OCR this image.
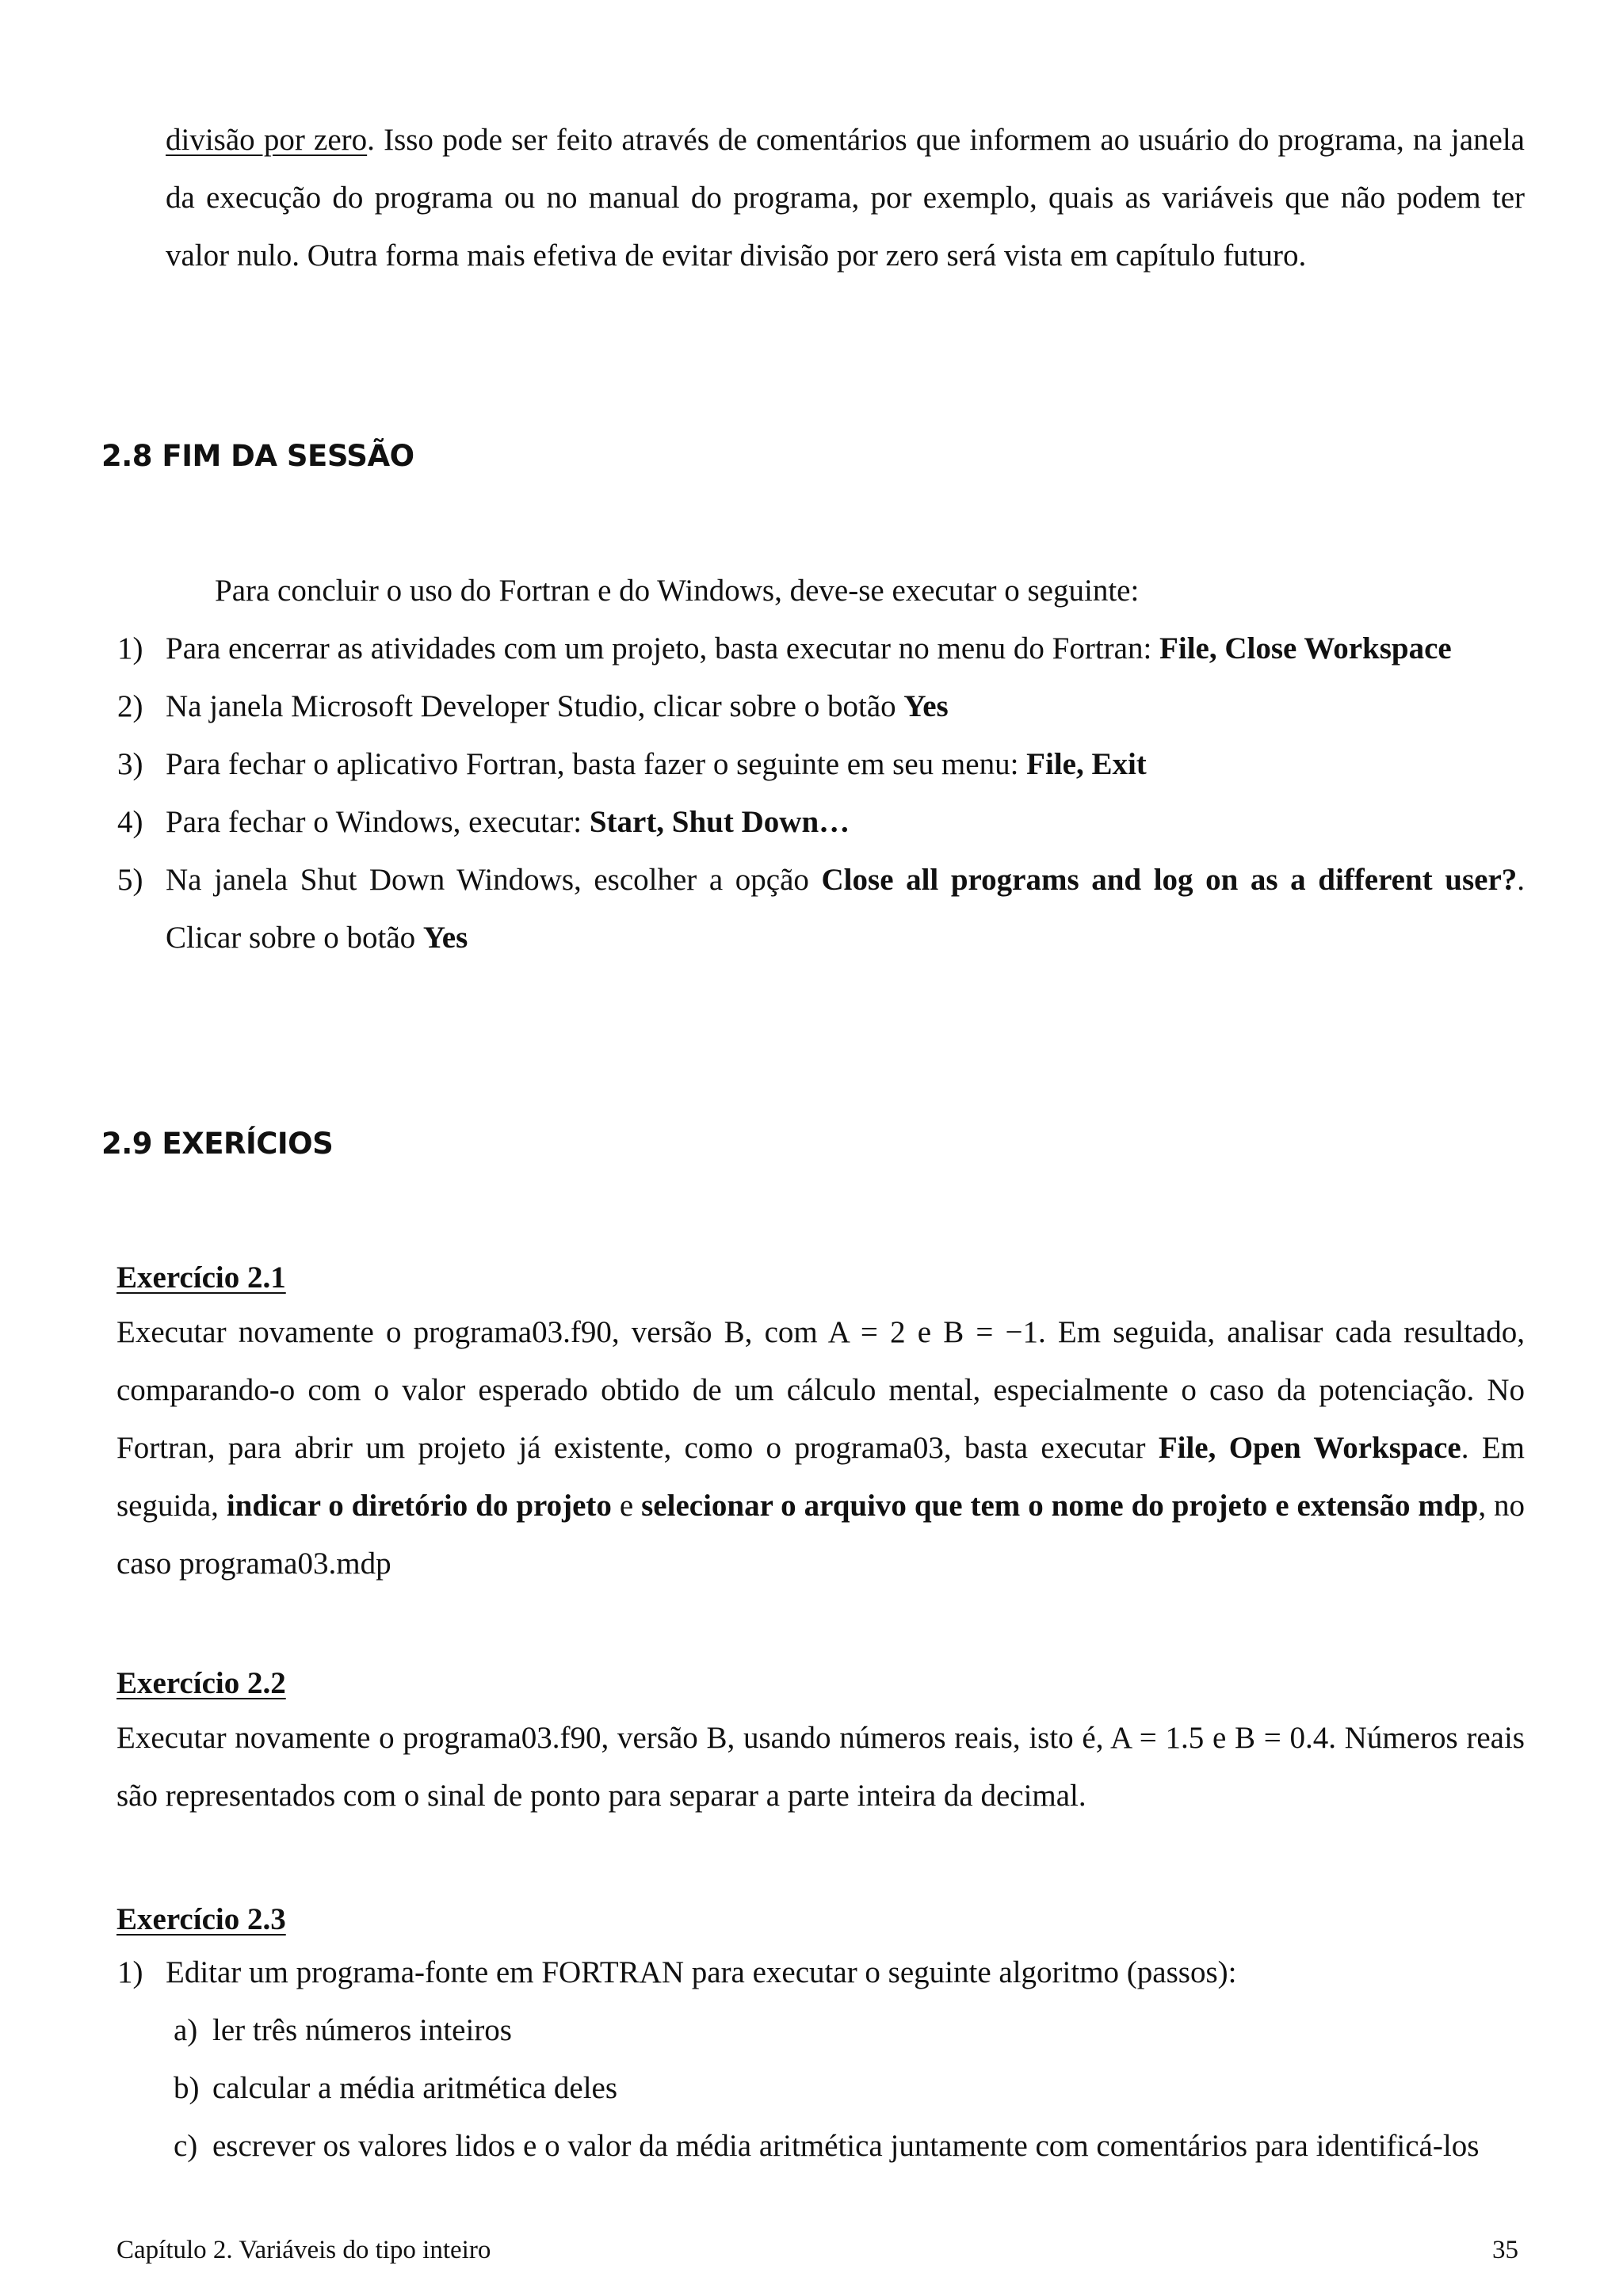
divisão por zero. Isso pode ser feito através de comentários que informem ao usuário do programa, na janela da execução do programa ou no manual do programa, por exemplo, quais as variáveis que não podem ter valor nulo. Outra forma mais efetiva de evitar divisão por zero será vista em capítulo futuro.

2.8 FIM DA SESSÃO

Para concluir o uso do Fortran e do Windows, deve-se executar o seguinte:

1) Para encerrar as atividades com um projeto, basta executar no menu do Fortran: File, Close Workspace
2) Na janela Microsoft Developer Studio, clicar sobre o botão Yes
3) Para fechar o aplicativo Fortran, basta fazer o seguinte em seu menu: File, Exit
4) Para fechar o Windows, executar: Start, Shut Down…
5) Na janela Shut Down Windows, escolher a opção Close all programs and log on as a different user?. Clicar sobre o botão Yes
2.9 EXERÍCIOS
Exercício 2.1

Executar novamente o programa03.f90, versão B, com A = 2 e B = −1. Em seguida, analisar cada resultado, comparando-o com o valor esperado obtido de um cálculo mental, especialmente o caso da potenciação. No Fortran, para abrir um projeto já existente, como o programa03, basta executar File, Open Workspace. Em seguida, indicar o diretório do projeto e selecionar o arquivo que tem o nome do projeto e extensão mdp, no caso programa03.mdp

Exercício 2.2

Executar novamente o programa03.f90, versão B, usando números reais, isto é, A = 1.5 e B = 0.4. Números reais são representados com o sinal de ponto para separar a parte inteira da decimal.

Exercício 2.3
1) Editar um programa-fonte em FORTRAN para executar o seguinte algoritmo (passos):
a) ler três números inteiros
b) calcular a média aritmética deles
c) escrever os valores lidos e o valor da média aritmética juntamente com comentários para identificá-los
Capítulo 2. Variáveis do tipo inteiro	35
